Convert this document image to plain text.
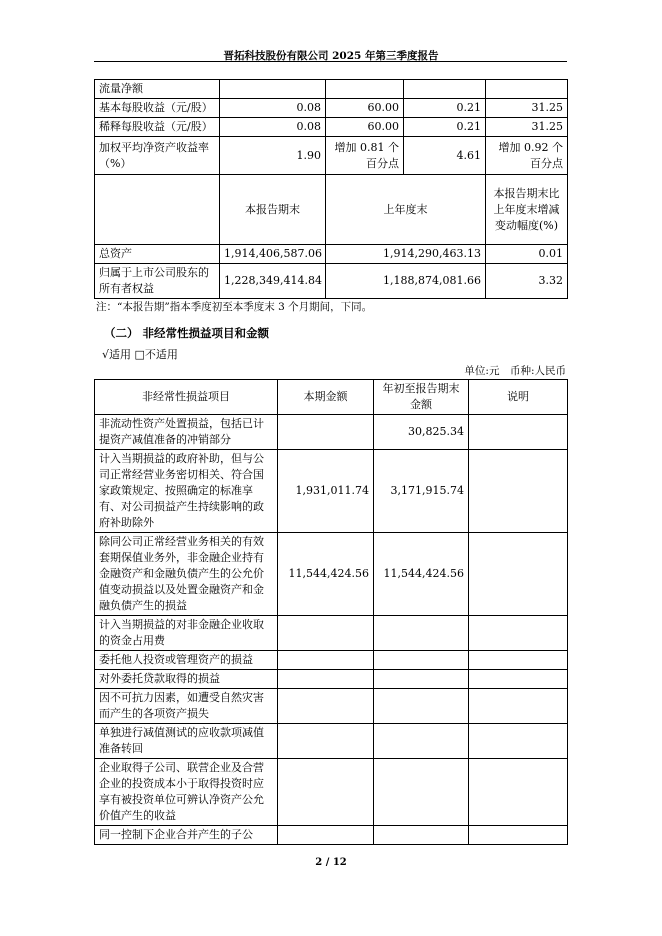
晋拓科技股份有限公司 2025 年第三季度报告
流量净额				
基本每股收益（元/股）	0.08	60.00	0.21	31.25
稀释每股收益（元/股）	0.08	60.00	0.21	31.25
加权平均净资产收益率（%）	1.90	增加 0.81 个百分点	4.61	增加 0.92 个百分点
	本报告期末	上年度末		本报告期末比上年度末增减变动幅度(%)
总资产	1,914,406,587.06	1,914,290,463.13		0.01
归属于上市公司股东的所有者权益	1,228,349,414.84	1,188,874,081.66		3.32
注：“本报告期”指本季度初至本季度末 3 个月期间，下同。
（二） 非经常性损益项目和金额
√适用 □不适用
单位:元　币种:人民币
非经常性损益项目	本期金额	年初至报告期末金额	说明
非流动性资产处置损益，包括已计提资产减值准备的冲销部分		30,825.34	
计入当期损益的政府补助，但与公司正常经营业务密切相关、符合国家政策规定、按照确定的标准享有、对公司损益产生持续影响的政府补助除外	1,931,011.74	3,171,915.74	
除同公司正常经营业务相关的有效套期保值业务外，非金融企业持有金融资产和金融负债产生的公允价值变动损益以及处置金融资产和金融负债产生的损益	11,544,424.56	11,544,424.56	
计入当期损益的对非金融企业收取的资金占用费			
委托他人投资或管理资产的损益			
对外委托贷款取得的损益			
因不可抗力因素，如遭受自然灾害而产生的各项资产损失			
单独进行减值测试的应收款项减值准备转回			
企业取得子公司、联营企业及合营企业的投资成本小于取得投资时应享有被投资单位可辨认净资产公允价值产生的收益			
同一控制下企业合并产生的子公			
2 / 12
